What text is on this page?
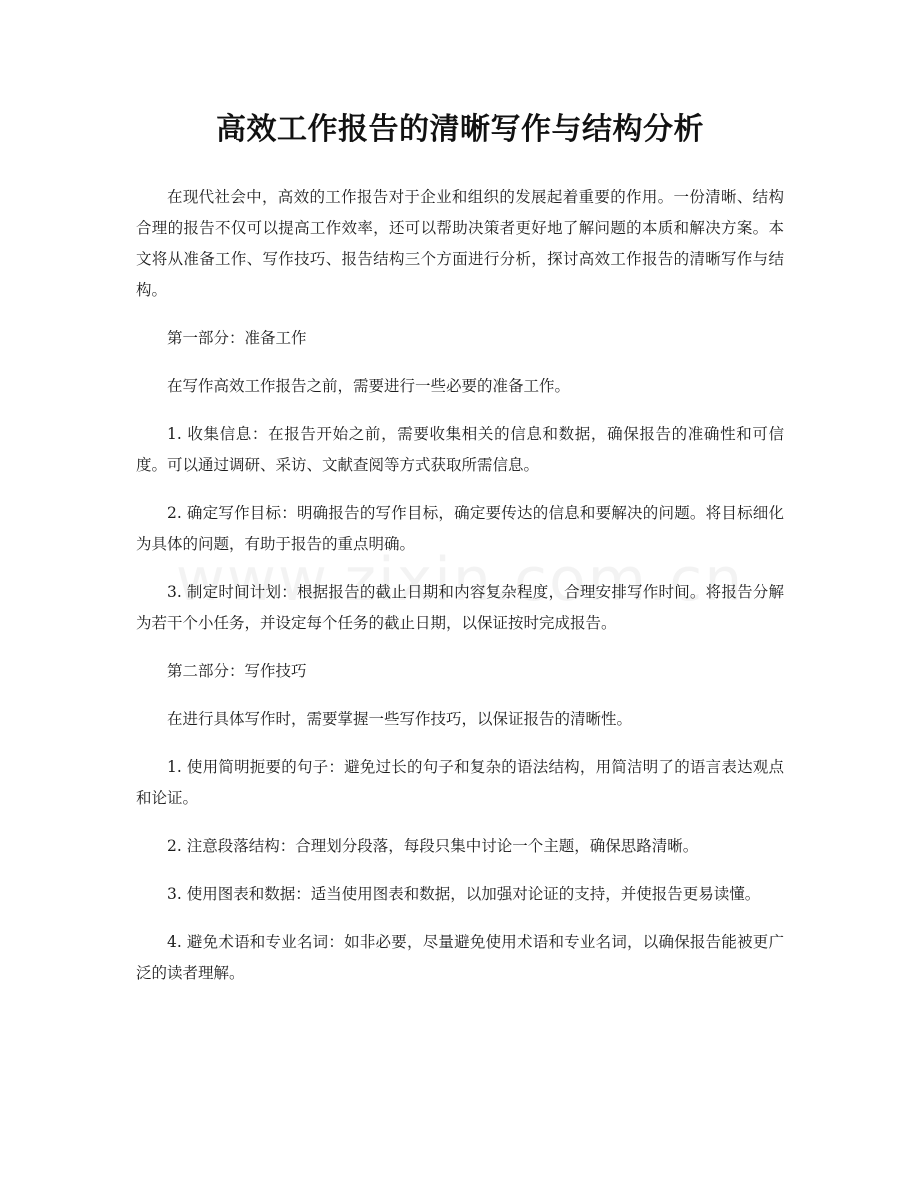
高效工作报告的清晰写作与结构分析

在现代社会中，高效的工作报告对于企业和组织的发展起着重要的作用。一份清晰、结构合理的报告不仅可以提高工作效率，还可以帮助决策者更好地了解问题的本质和解决方案。本文将从准备工作、写作技巧、报告结构三个方面进行分析，探讨高效工作报告的清晰写作与结构。

第一部分：准备工作

在写作高效工作报告之前，需要进行一些必要的准备工作。

1. 收集信息：在报告开始之前，需要收集相关的信息和数据，确保报告的准确性和可信度。可以通过调研、采访、文献查阅等方式获取所需信息。

2. 确定写作目标：明确报告的写作目标，确定要传达的信息和要解决的问题。将目标细化为具体的问题，有助于报告的重点明确。

3. 制定时间计划：根据报告的截止日期和内容复杂程度，合理安排写作时间。将报告分解为若干个小任务，并设定每个任务的截止日期，以保证按时完成报告。

第二部分：写作技巧

在进行具体写作时，需要掌握一些写作技巧，以保证报告的清晰性。

1. 使用简明扼要的句子：避免过长的句子和复杂的语法结构，用简洁明了的语言表达观点和论证。

2. 注意段落结构：合理划分段落，每段只集中讨论一个主题，确保思路清晰。

3. 使用图表和数据：适当使用图表和数据，以加强对论证的支持，并使报告更易读懂。

4. 避免术语和专业名词：如非必要，尽量避免使用术语和专业名词，以确保报告能被更广泛的读者理解。
